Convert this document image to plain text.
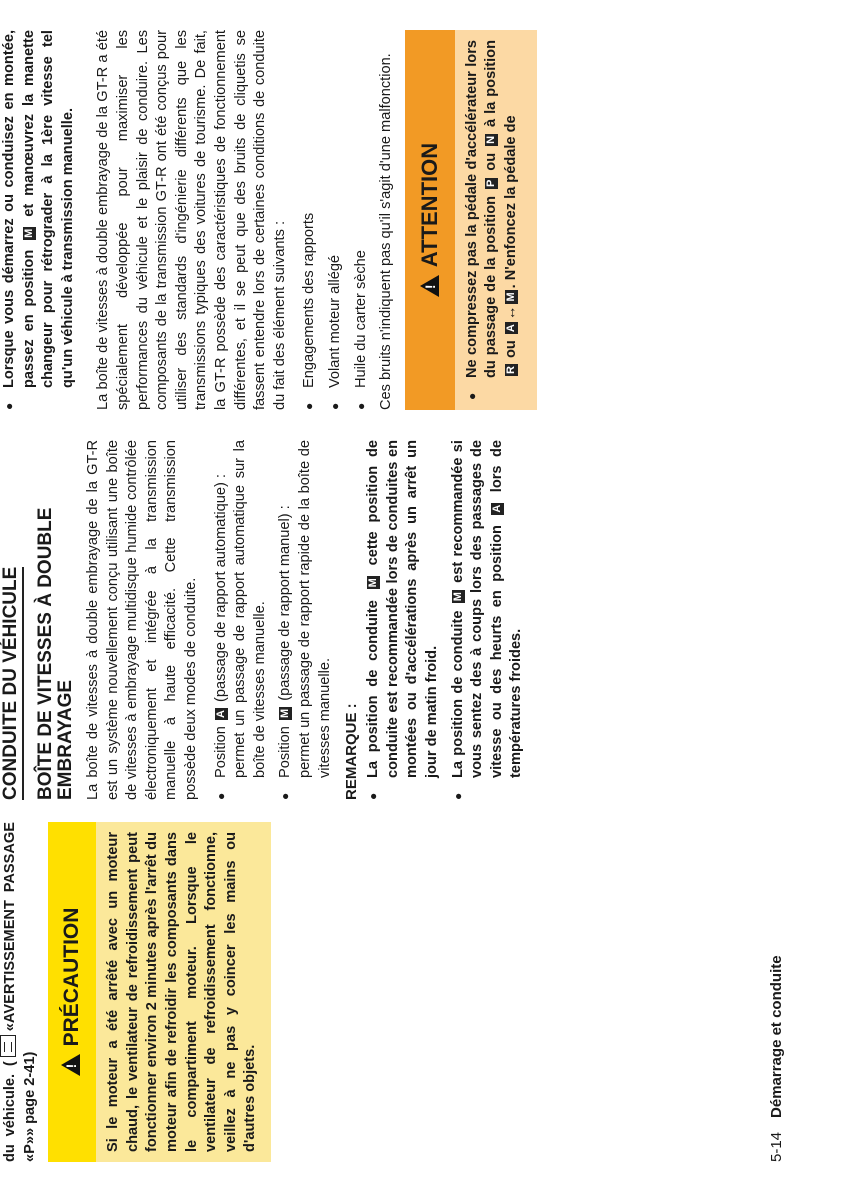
du véhicule. («AVERTISSEMENT PASSAGE «P»» page 2-41)

!PRÉCAUTION	Si le moteur a été arrêté avec un moteur chaud, le ventilateur de refroidissement peut fonctionner environ 2 minutes après l'arrêt du moteur afin de refroidir les composants dans le compartiment moteur. Lorsque le ventilateur de refroidissement fonctionne, veillez à ne pas y coincer les mains ou d'autres objets.

CONDUITE DU VÉHICULE BOÎTE DE VITESSES À DOUBLE EMBRAYAGE La boîte de vitesses à double embrayage de la GT-R est un système nouvellement conçu utilisant une boîte de vitesses à embrayage multidisque humide contrôlée électroniquement et intégrée à la transmission manuelle à haute efficacité. Cette transmission possède deux modes de conduite. ● Position A (passage de rapport automatique) : permet un passage de rapport automatique sur la boîte de vitesses manuelle. ● Position M (passage de rapport manuel) : permet un passage de rapport rapide de la boîte de vitesses manuelle. REMARQUE : ● La position de conduite M cette position de conduite est recommandée lors de conduites en montées ou d'accélérations après un arrêt un jour de matin froid. ● La position de conduite M est recommandée si vous sentez des à coups lors des passages de vitesse ou des heurts en position A lors de températures froides.
● Lorsque vous démarrez ou conduisez en montée, passez en position M et manœuvrez la manette changeur pour rétrograder à la 1ère vitesse tel qu'un véhicule à transmission manuelle. La boîte de vitesses à double embrayage de la GT-R a été spécialement développée pour maximiser les performances du véhicule et le plaisir de conduire. Les composants de la transmission GT-R ont été conçus pour utiliser des standards d'ingénierie différents que les transmissions typiques des voitures de tourisme. De fait, la GT-R possède des caractéristiques de fonctionnement différentes, et il se peut que des bruits de cliquetis se fassent entendre lors de certaines conditions de conduite du fait des élément suivants : ● Engagements des rapports ● Volant moteur allégé ● Huile du carter sèche Ces bruits n'indiquent pas qu'il s'agit d'une malfonction.

!	ATTENTION	● Ne compressez pas la pédale d'accélérateur lors du passage de la position P ou N à la position R ou A↔M. N'enfoncez la pédale de
5-14Démarrage et conduite
